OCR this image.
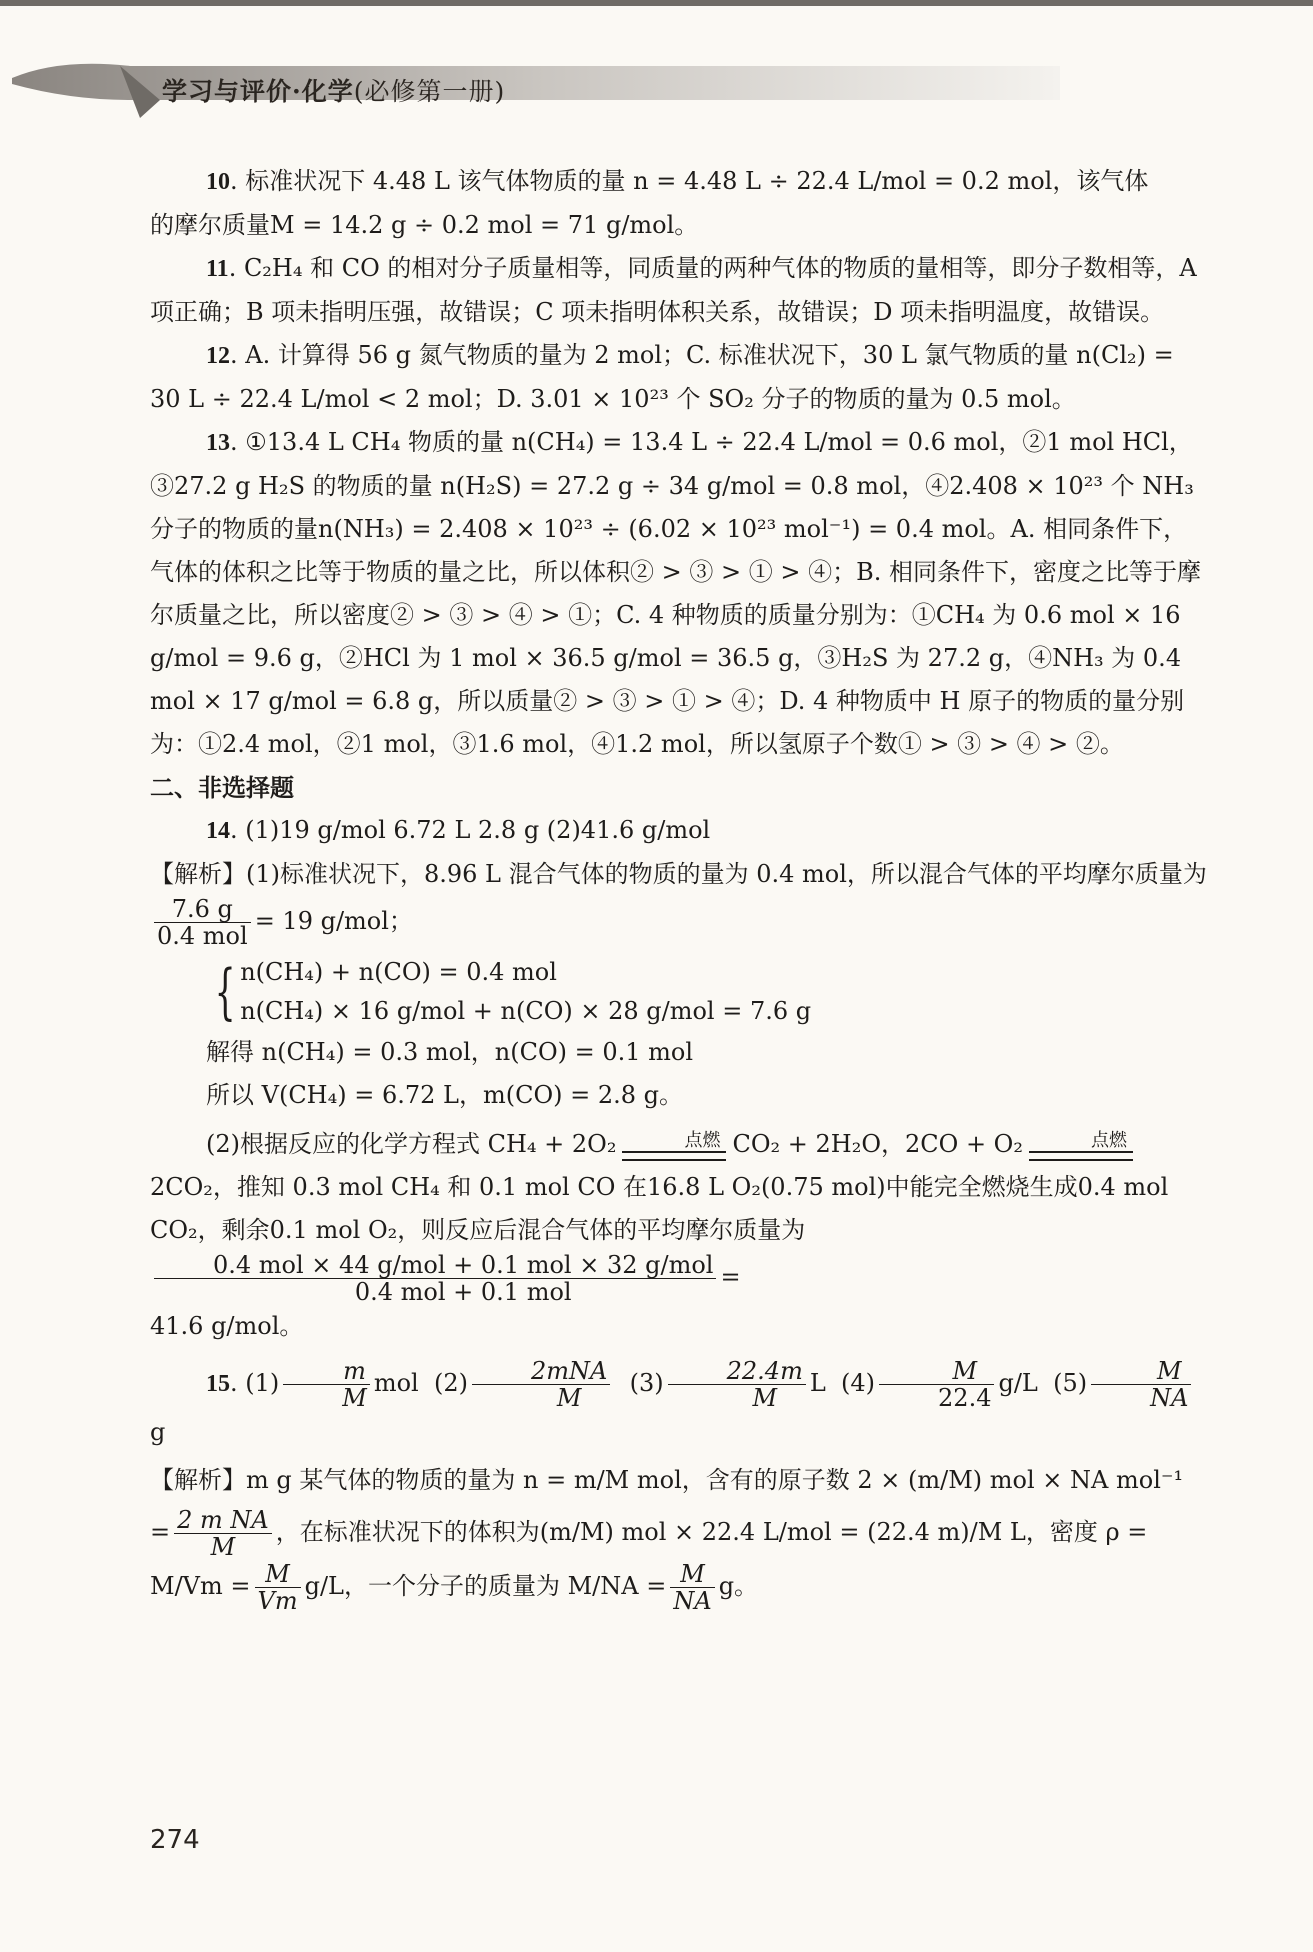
学习与评价·化学(必修第一册)

10. 标准状况下 4.48 L 该气体物质的量 n = 4.48 L ÷ 22.4 L/mol = 0.2 mol，该气体
的摩尔质量M = 14.2 g ÷ 0.2 mol = 71 g/mol。

11. C₂H₄ 和 CO 的相对分子质量相等，同质量的两种气体的物质的量相等，即分子数相等，A 项正确；B 项未指明压强，故错误；C 项未指明体积关系，故错误；D 项未指明温度，故错误。

12. A. 计算得 56 g 氮气物质的量为 2 mol；C. 标准状况下，30 L 氯气物质的量 n(Cl₂) = 30 L ÷ 22.4 L/mol < 2 mol；D. 3.01 × 10²³ 个 SO₂ 分子的物质的量为 0.5 mol。

13. ①13.4 L CH₄ 物质的量 n(CH₄) = 13.4 L ÷ 22.4 L/mol = 0.6 mol，②1 mol HCl，③27.2 g H₂S 的物质的量 n(H₂S) = 27.2 g ÷ 34 g/mol = 0.8 mol，④2.408 × 10²³ 个 NH₃ 分子的物质的量n(NH₃) = 2.408 × 10²³ ÷ (6.02 × 10²³ mol⁻¹) = 0.4 mol。A. 相同条件下，气体的体积之比等于物质的量之比，所以体积② > ③ > ① > ④；B. 相同条件下，密度之比等于摩尔质量之比，所以密度② > ③ > ④ > ①；C. 4 种物质的质量分别为：①CH₄ 为 0.6 mol × 16 g/mol = 9.6 g，②HCl 为 1 mol × 36.5 g/mol = 36.5 g，③H₂S 为 27.2 g，④NH₃ 为 0.4 mol × 17 g/mol = 6.8 g，所以质量② > ③ > ① > ④；D. 4 种物质中 H 原子的物质的量分别为：①2.4 mol，②1 mol，③1.6 mol，④1.2 mol，所以氢原子个数① > ③ > ④ > ②。

二、非选择题

14. (1)19 g/mol 6.72 L 2.8 g (2)41.6 g/mol

【解析】(1)标准状况下，8.96 L 混合气体的物质的量为 0.4 mol，所以混合气体的平均摩尔质量为
$\frac{7.6 g}{\text{0.4 mol}} = 19$ g/mol；

{ n(CH₄) + n(CO) = 0.4 mol
n(CH₄) × 16 g/mol + n(CO) × 28 g/mol = 7.6 g

解得 n(CH₄) = 0.3 mol，n(CO) = 0.1 mol

所以 V(CH₄) = 6.72 L，m(CO) = 2.8 g。

(2)根据反应的化学方程式 CH₄ + 2O₂	点燃 CO₂ + 2H₂O，2CO + O₂	点燃
2CO₂，推知 0.3 mol CH₄ 和 0.1 mol CO 在16.8 L O₂(0.75 mol)中能完全燃烧生成0.4 mol CO₂，剩余0.1 mol O₂，则反应后混合气体的平均摩尔质量为
$\frac{\text{0.4 mol × 44 g/mol + 0.1 mol × 32 g/mol}}{\text{0.4 mol + 0.1 mol}}$ =
41.6 g/mol。

15. $(1) \frac{m}{M}$ mol $(2) \frac{\text{2mNA}}{M} (3) \frac{22.4m}{M}$ L $(4) \frac{M}{22.4} g/L$ $(5) \frac{M}{NA}$
g

【解析】m g 某气体的物质的量为 n = m/M mol，含有的原子数 2 × (m/M) mol × NA $mol^{-1} = \frac{\text{2 m NA}}{M}$ ，在标准状况下的体积为(m/M) mol × 22.4 L/mol = (22.4 m)/M L，密度 $\rho = M/Vm = \frac{M}{Vm} g/L$，一个分子的质量为 $M/NA = \frac{M}{NA}$ g。

274
